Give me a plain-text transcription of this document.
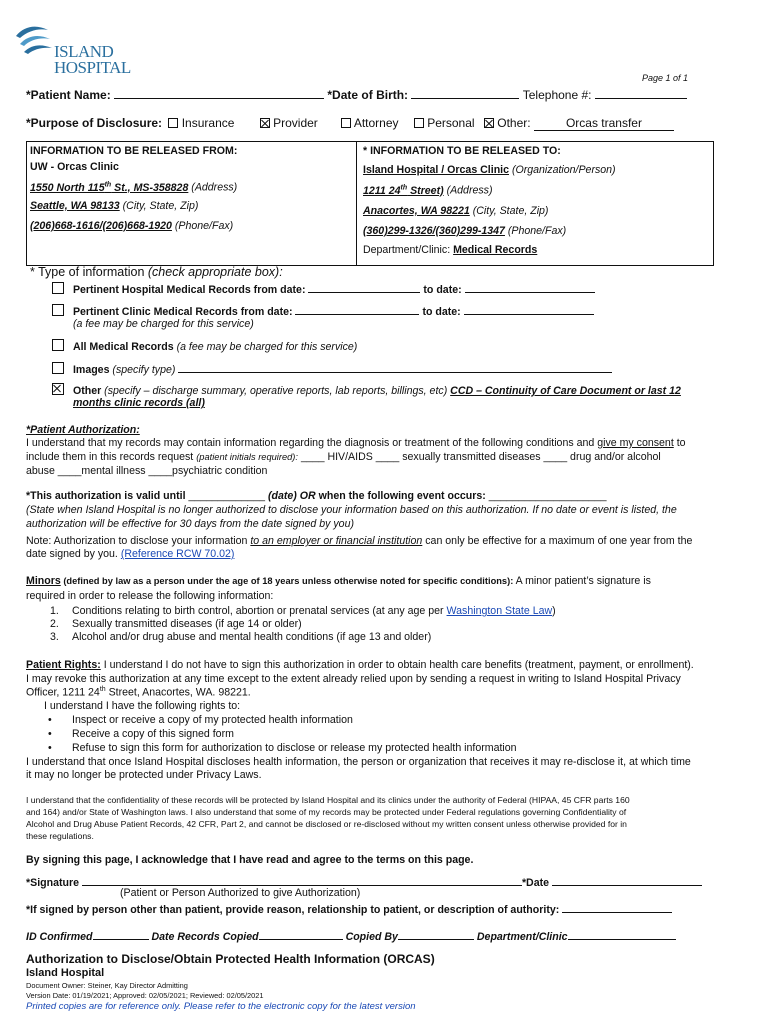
ISLAND
HOSPITAL
Page 1 of 1
*Patient Name:	*Date of Birth:	Telephone #:
*Purpose of Disclosure: Insurance	Provider	Attorney Personal Other:	Orcas transfer
INFORMATION TO BE RELEASED FROM:
UW - Orcas Clinic
1550 North 115th St., MS-358828 (Address)
Seattle, WA 98133 (City, State, Zip)
(206)668-1616/(206)668-1920 (Phone/Fax)
* INFORMATION TO BE RELEASED TO:
Island Hospital / Orcas Clinic (Organization/Person)
1211 24th Street) (Address)
Anacortes, WA 98221 (City, State, Zip)
(360)299-1326/(360)299-1347 (Phone/Fax)
Department/Clinic: Medical Records
* Type of information (check appropriate box):
Pertinent Hospital Medical Records from date:	to date:
Pertinent Clinic Medical Records from date:	to date:
(a fee may be charged for this service)
All Medical Records (a fee may be charged for this service)
Images (specify type)
Other (specify – discharge summary, operative reports, lab reports, billings, etc) CCD – Continuity of Care Document or last 12
months clinic records (all)
*Patient Authorization:
I understand that my records may contain information regarding the diagnosis or treatment of the following conditions and give my consent to
include them in this records request (patient initials required): ____ HIV/AIDS ____ sexually transmitted diseases ____ drug and/or alcohol
abuse ____mental illness ____psychiatric condition
*This authorization is valid until _____________ (date) OR when the following event occurs: ____________________
(State when Island Hospital is no longer authorized to disclose your information based on this authorization. If no date or event is listed, the
authorization will be effective for 30 days from the date signed by you)
Note: Authorization to disclose your information to an employer or financial institution can only be effective for a maximum of one year from the
date signed by you. (Reference RCW 70.02)
Minors (defined by law as a person under the age of 18 years unless otherwise noted for specific conditions): A minor patient’s signature is
required in order to release the following information:
1. Conditions relating to birth control, abortion or prenatal services (at any age per Washington State Law)
2. Sexually transmitted diseases (if age 14 or older)
3. Alcohol and/or drug abuse and mental health conditions (if age 13 and older)
Patient Rights: I understand I do not have to sign this authorization in order to obtain health care benefits (treatment, payment, or enrollment).
I may revoke this authorization at any time except to the extent already relied upon by sending a request in writing to Island Hospital Privacy
Officer, 1211 24th Street, Anacortes, WA. 98221.
I understand I have the following rights to:
• Inspect or receive a copy of my protected health information
• Receive a copy of this signed form
• Refuse to sign this form for authorization to disclose or release my protected health information
I understand that once Island Hospital discloses health information, the person or organization that receives it may re-disclose it, at which time
it may no longer be protected under Privacy Laws.
I understand that the confidentiality of these records will be protected by Island Hospital and its clinics under the authority of Federal (HIPAA, 45 CFR parts 160
and 164) and/or State of Washington laws. I also understand that some of my records may be protected under Federal regulations governing Confidentiality of
Alcohol and Drug Abuse Patient Records, 42 CFR, Part 2, and cannot be disclosed or re-disclosed without my written consent unless otherwise provided for in
these regulations.
By signing this page, I acknowledge that I have read and agree to the terms on this page.
*Signature	*Date
(Patient or Person Authorized to give Authorization)
*If signed by person other than patient, provide reason, relationship to patient, or description of authority:
ID Confirmed	Date Records Copied	Copied By	Department/Clinic
Authorization to Disclose/Obtain Protected Health Information (ORCAS)
Island Hospital
Document Owner: Steiner, Kay Director Admitting
Version Date: 01/19/2021; Approved: 02/05/2021; Reviewed: 02/05/2021
Printed copies are for reference only. Please refer to the electronic copy for the latest version
